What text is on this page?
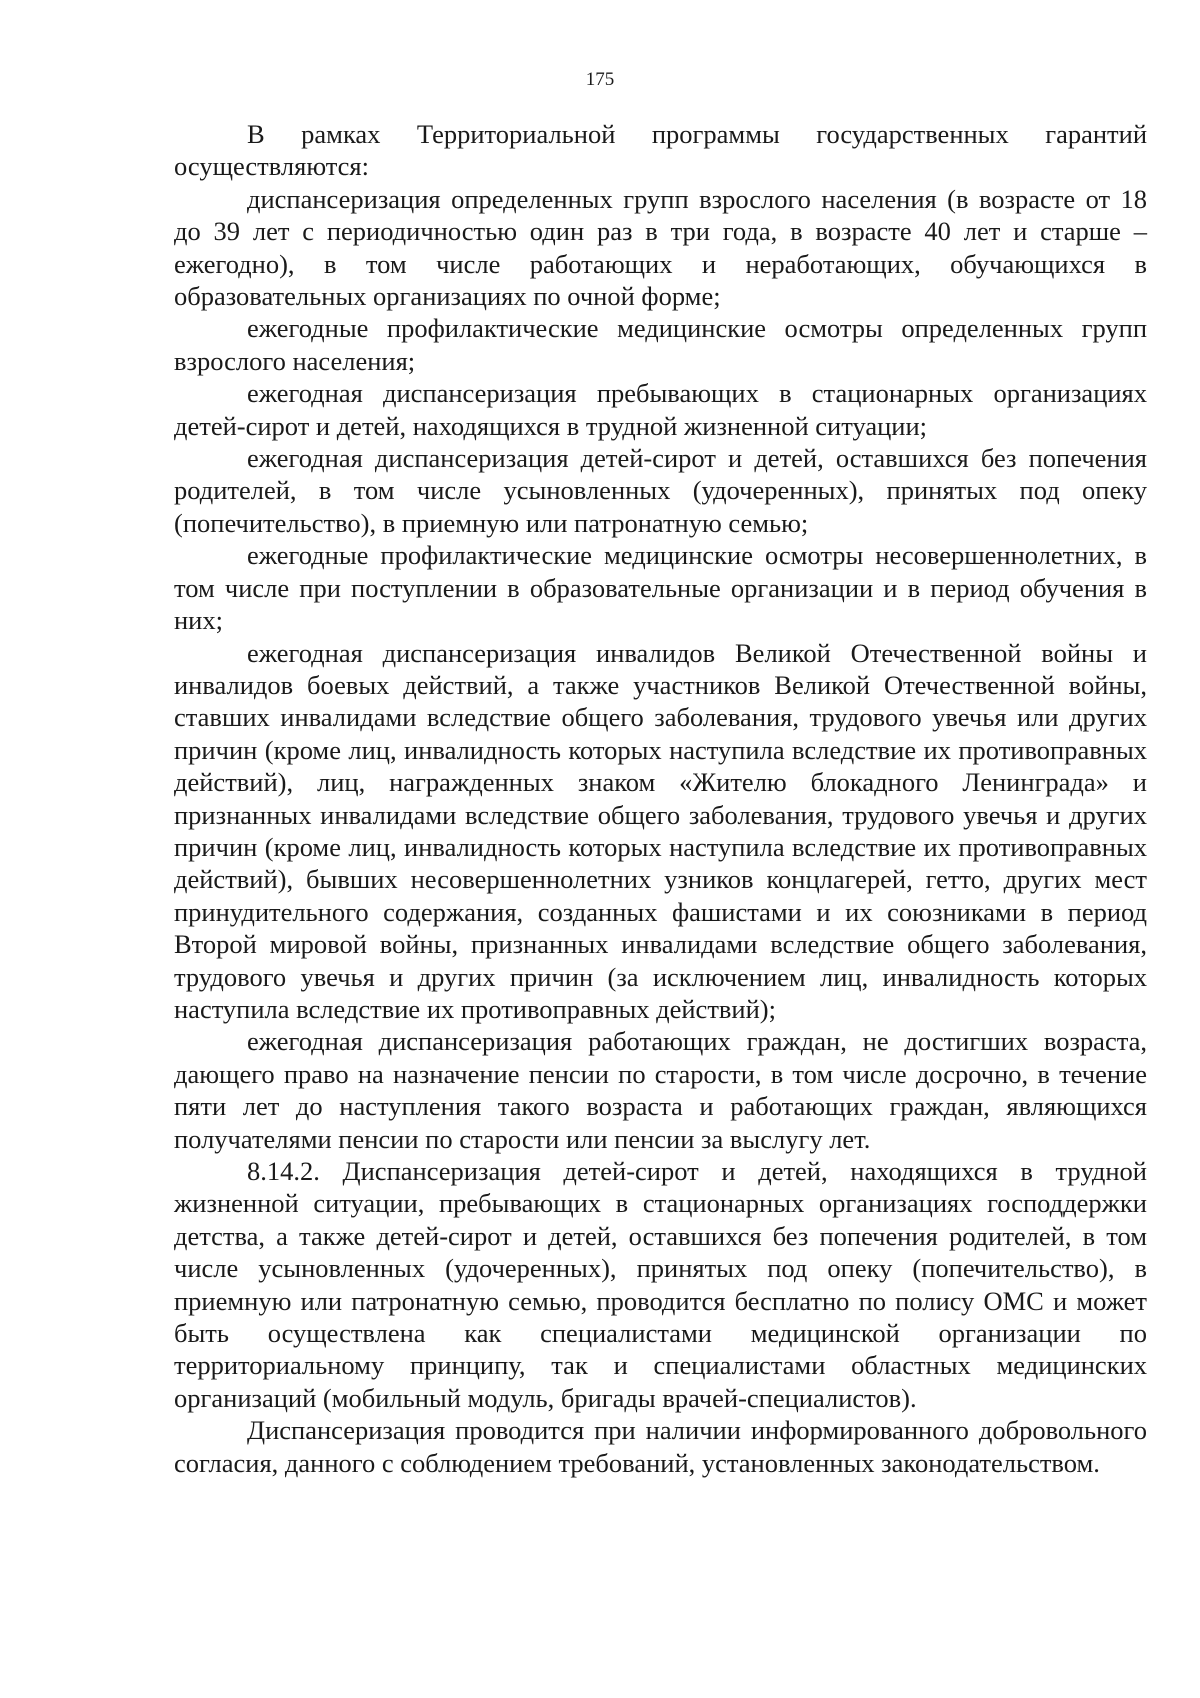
175

В рамках Территориальной программы государственных гарантий осуществляются:

диспансеризация определенных групп взрослого населения (в возрасте от 18 до 39 лет с периодичностью один раз в три года, в возрасте 40 лет и старше – ежегодно), в том числе работающих и неработающих, обучающихся в образовательных организациях по очной форме;

ежегодные профилактические медицинские осмотры определенных групп взрослого населения;

ежегодная диспансеризация пребывающих в стационарных организациях детей-сирот и детей, находящихся в трудной жизненной ситуации;

ежегодная диспансеризация детей-сирот и детей, оставшихся без попечения родителей, в том числе усыновленных (удочеренных), принятых под опеку (попечительство), в приемную или патронатную семью;

ежегодные профилактические медицинские осмотры несовершеннолетних, в том числе при поступлении в образовательные организации и в период обучения в них;

ежегодная диспансеризация инвалидов Великой Отечественной войны и инвалидов боевых действий, а также участников Великой Отечественной войны, ставших инвалидами вследствие общего заболевания, трудового увечья или других причин (кроме лиц, инвалидность которых наступила вследствие их противоправных действий), лиц, награжденных знаком «Жителю блокадного Ленинграда» и признанных инвалидами вследствие общего заболевания, трудового увечья и других причин (кроме лиц, инвалидность которых наступила вследствие их противоправных действий), бывших несовершеннолетних узников концлагерей, гетто, других мест принудительного содержания, созданных фашистами и их союзниками в период Второй мировой войны, признанных инвалидами вследствие общего заболевания, трудового увечья и других причин (за исключением лиц, инвалидность которых наступила вследствие их противоправных действий);

ежегодная диспансеризация работающих граждан, не достигших возраста, дающего право на назначение пенсии по старости, в том числе досрочно, в течение пяти лет до наступления такого возраста и работающих граждан, являющихся получателями пенсии по старости или пенсии за выслугу лет.

8.14.2. Диспансеризация детей-сирот и детей, находящихся в трудной жизненной ситуации, пребывающих в стационарных организациях господдержки детства, а также детей-сирот и детей, оставшихся без попечения родителей, в том числе усыновленных (удочеренных), принятых под опеку (попечительство), в приемную или патронатную семью, проводится бесплатно по полису ОМС и может быть осуществлена как специалистами медицинской организации по территориальному принципу, так и специалистами областных медицинских организаций (мобильный модуль, бригады врачей-специалистов).

Диспансеризация проводится при наличии информированного добровольного согласия, данного с соблюдением требований, установленных законодательством.
